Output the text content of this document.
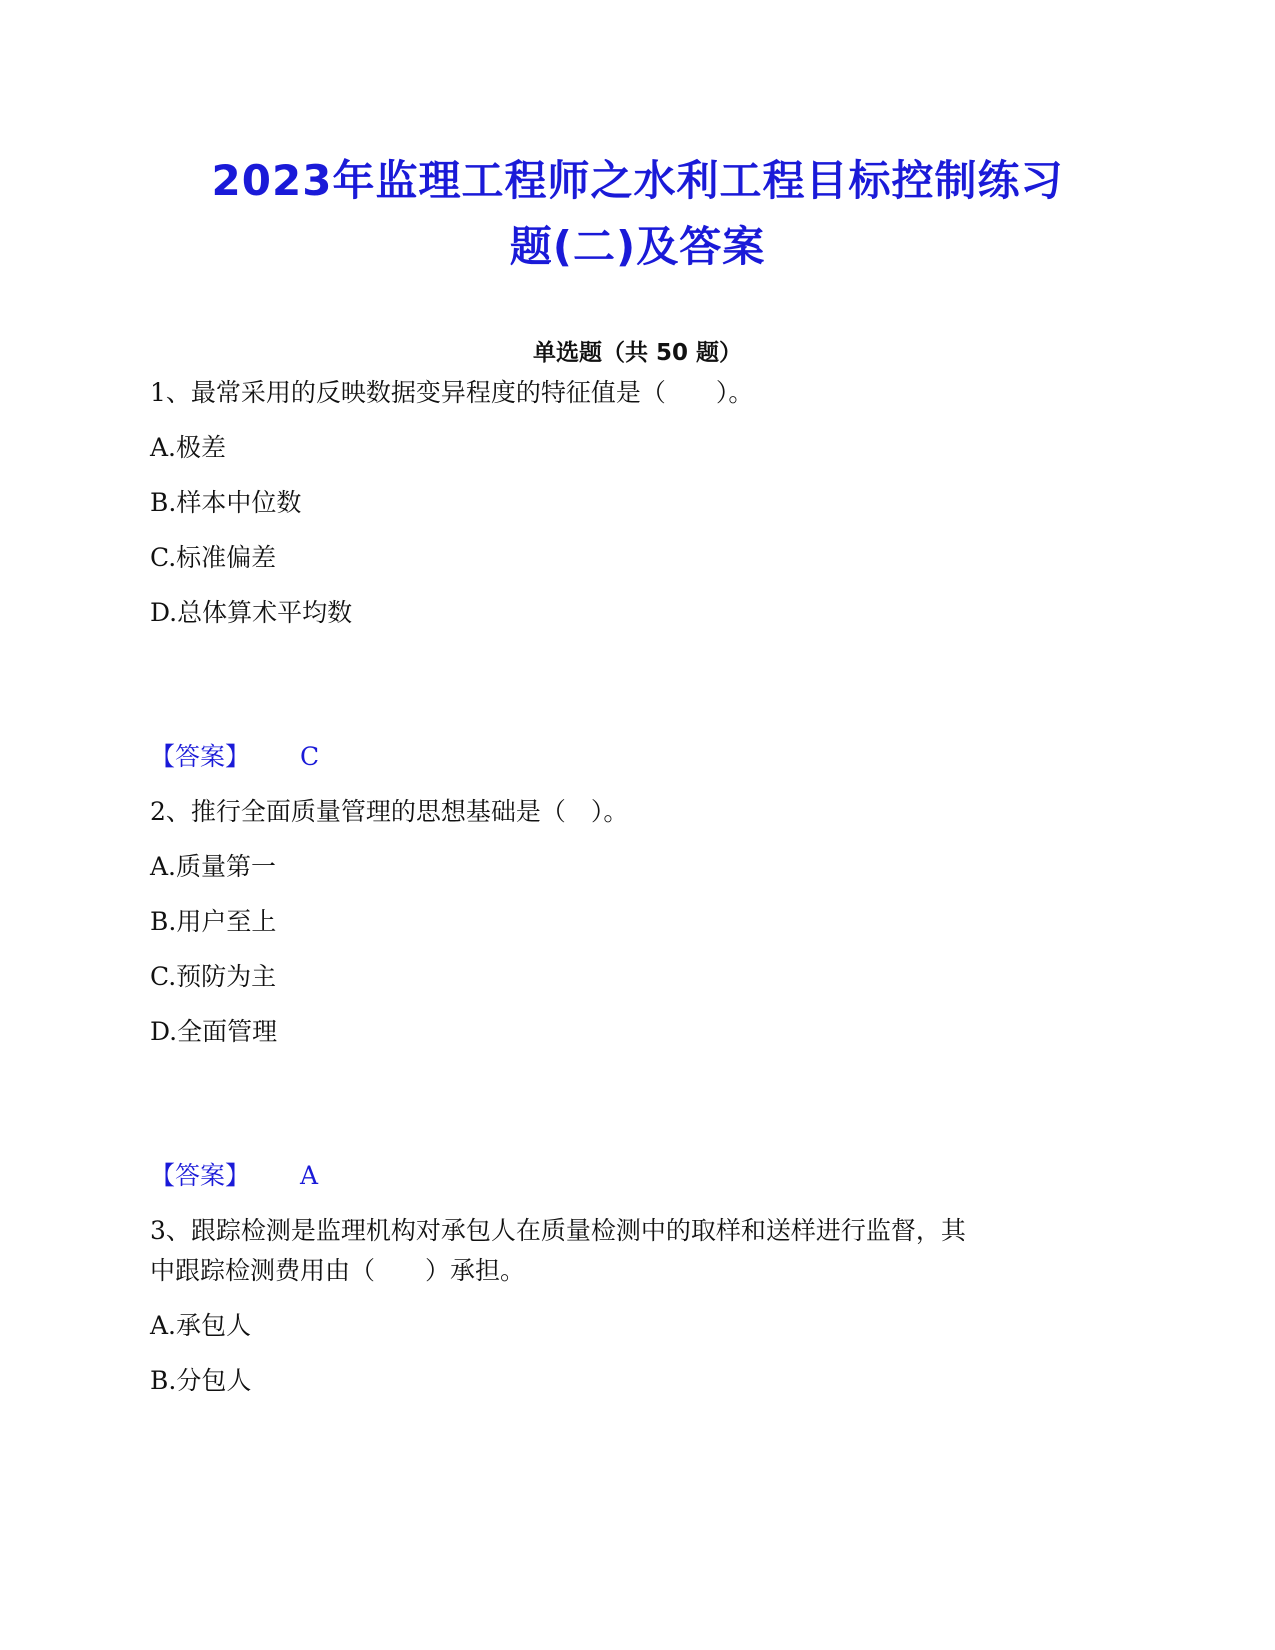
2023年监理工程师之水利工程目标控制练习
题(二)及答案
单选题（共 50 题）
1、最常采用的反映数据变异程度的特征值是（　　）。
A.极差
B.样本中位数
C.标准偏差
D.总体算术平均数
【答案】 C
2、推行全面质量管理的思想基础是（　）。
A.质量第一
B.用户至上
C.预防为主
D.全面管理
【答案】 A
3、跟踪检测是监理机构对承包人在质量检测中的取样和送样进行监督，其
中跟踪检测费用由（　　）承担。
A.承包人
B.分包人
